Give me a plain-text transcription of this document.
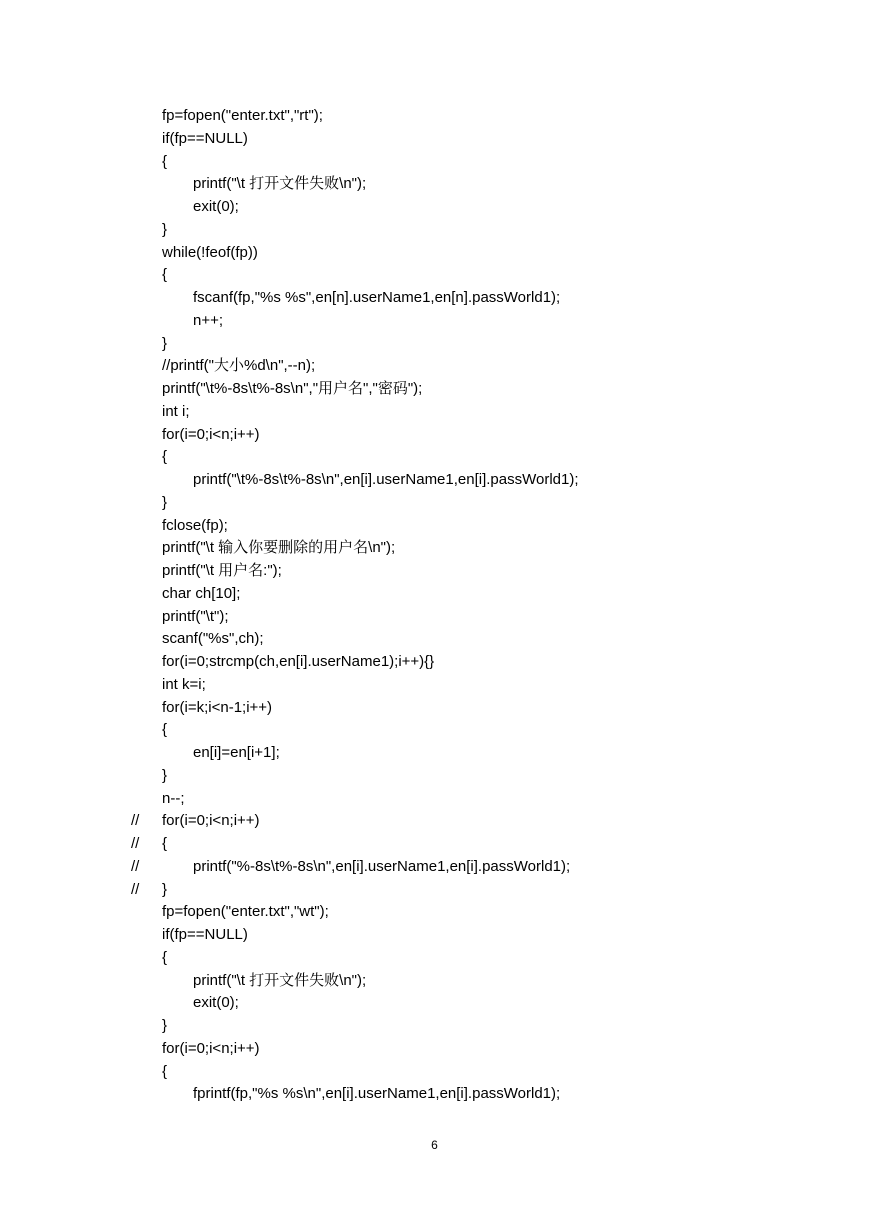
fp=fopen("enter.txt","rt");
if(fp==NULL)
{
printf("\t 打开文件失败\n");
exit(0);
}
while(!feof(fp))
{
fscanf(fp,"%s %s",en[n].userName1,en[n].passWorld1);
n++;
}
//printf("大小%d\n",--n);
printf("\t%-8s\t%-8s\n","用户名","密码");
int i;
for(i=0;i<n;i++)
{
printf("\t%-8s\t%-8s\n",en[i].userName1,en[i].passWorld1);
}
fclose(fp);
printf("\t 输入你要删除的用户名\n");
printf("\t 用户名:");
char ch[10];
printf("\t");
scanf("%s",ch);
for(i=0;strcmp(ch,en[i].userName1);i++){}
int k=i;
for(i=k;i<n-1;i++)
{
en[i]=en[i+1];
}
n--;
// for(i=0;i<n;i++)
// {
//	printf("%-8s\t%-8s\n",en[i].userName1,en[i].passWorld1);
// }
fp=fopen("enter.txt","wt");
if(fp==NULL)
{
printf("\t 打开文件失败\n");
exit(0);
}
for(i=0;i<n;i++)
{
fprintf(fp,"%s %s\n",en[i].userName1,en[i].passWorld1);
6
